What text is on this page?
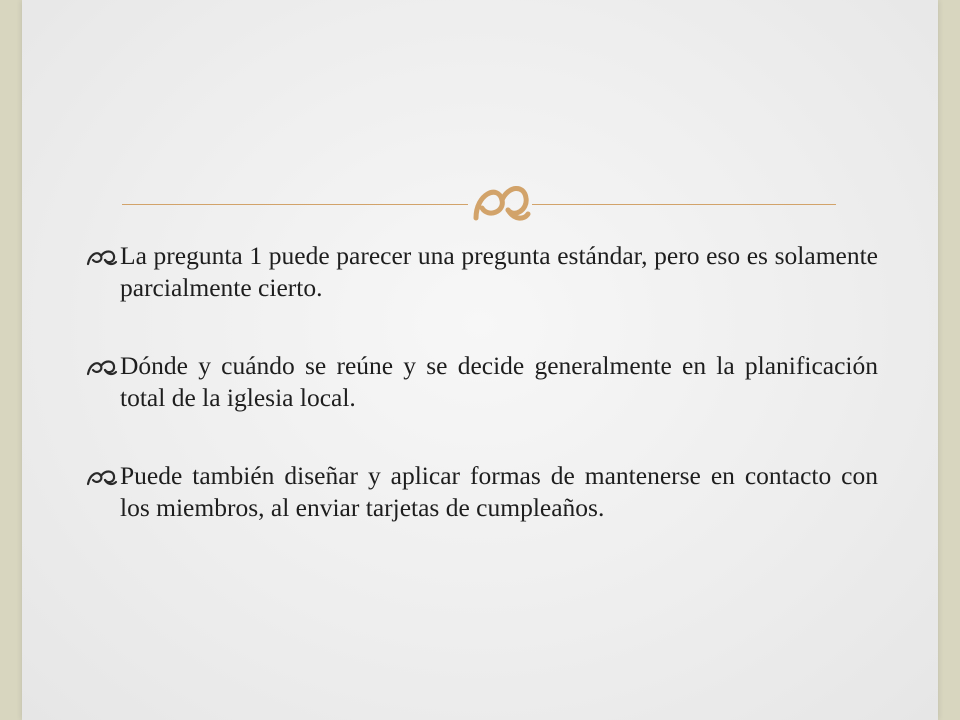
La pregunta 1 puede parecer una pregunta estándar, pero eso es solamente parcialmente cierto.
Dónde y cuándo se reúne y se decide generalmente en la planificación total de la iglesia local.
Puede también diseñar y aplicar formas de mantenerse en contacto con los miembros, al enviar tarjetas de cumpleaños.
